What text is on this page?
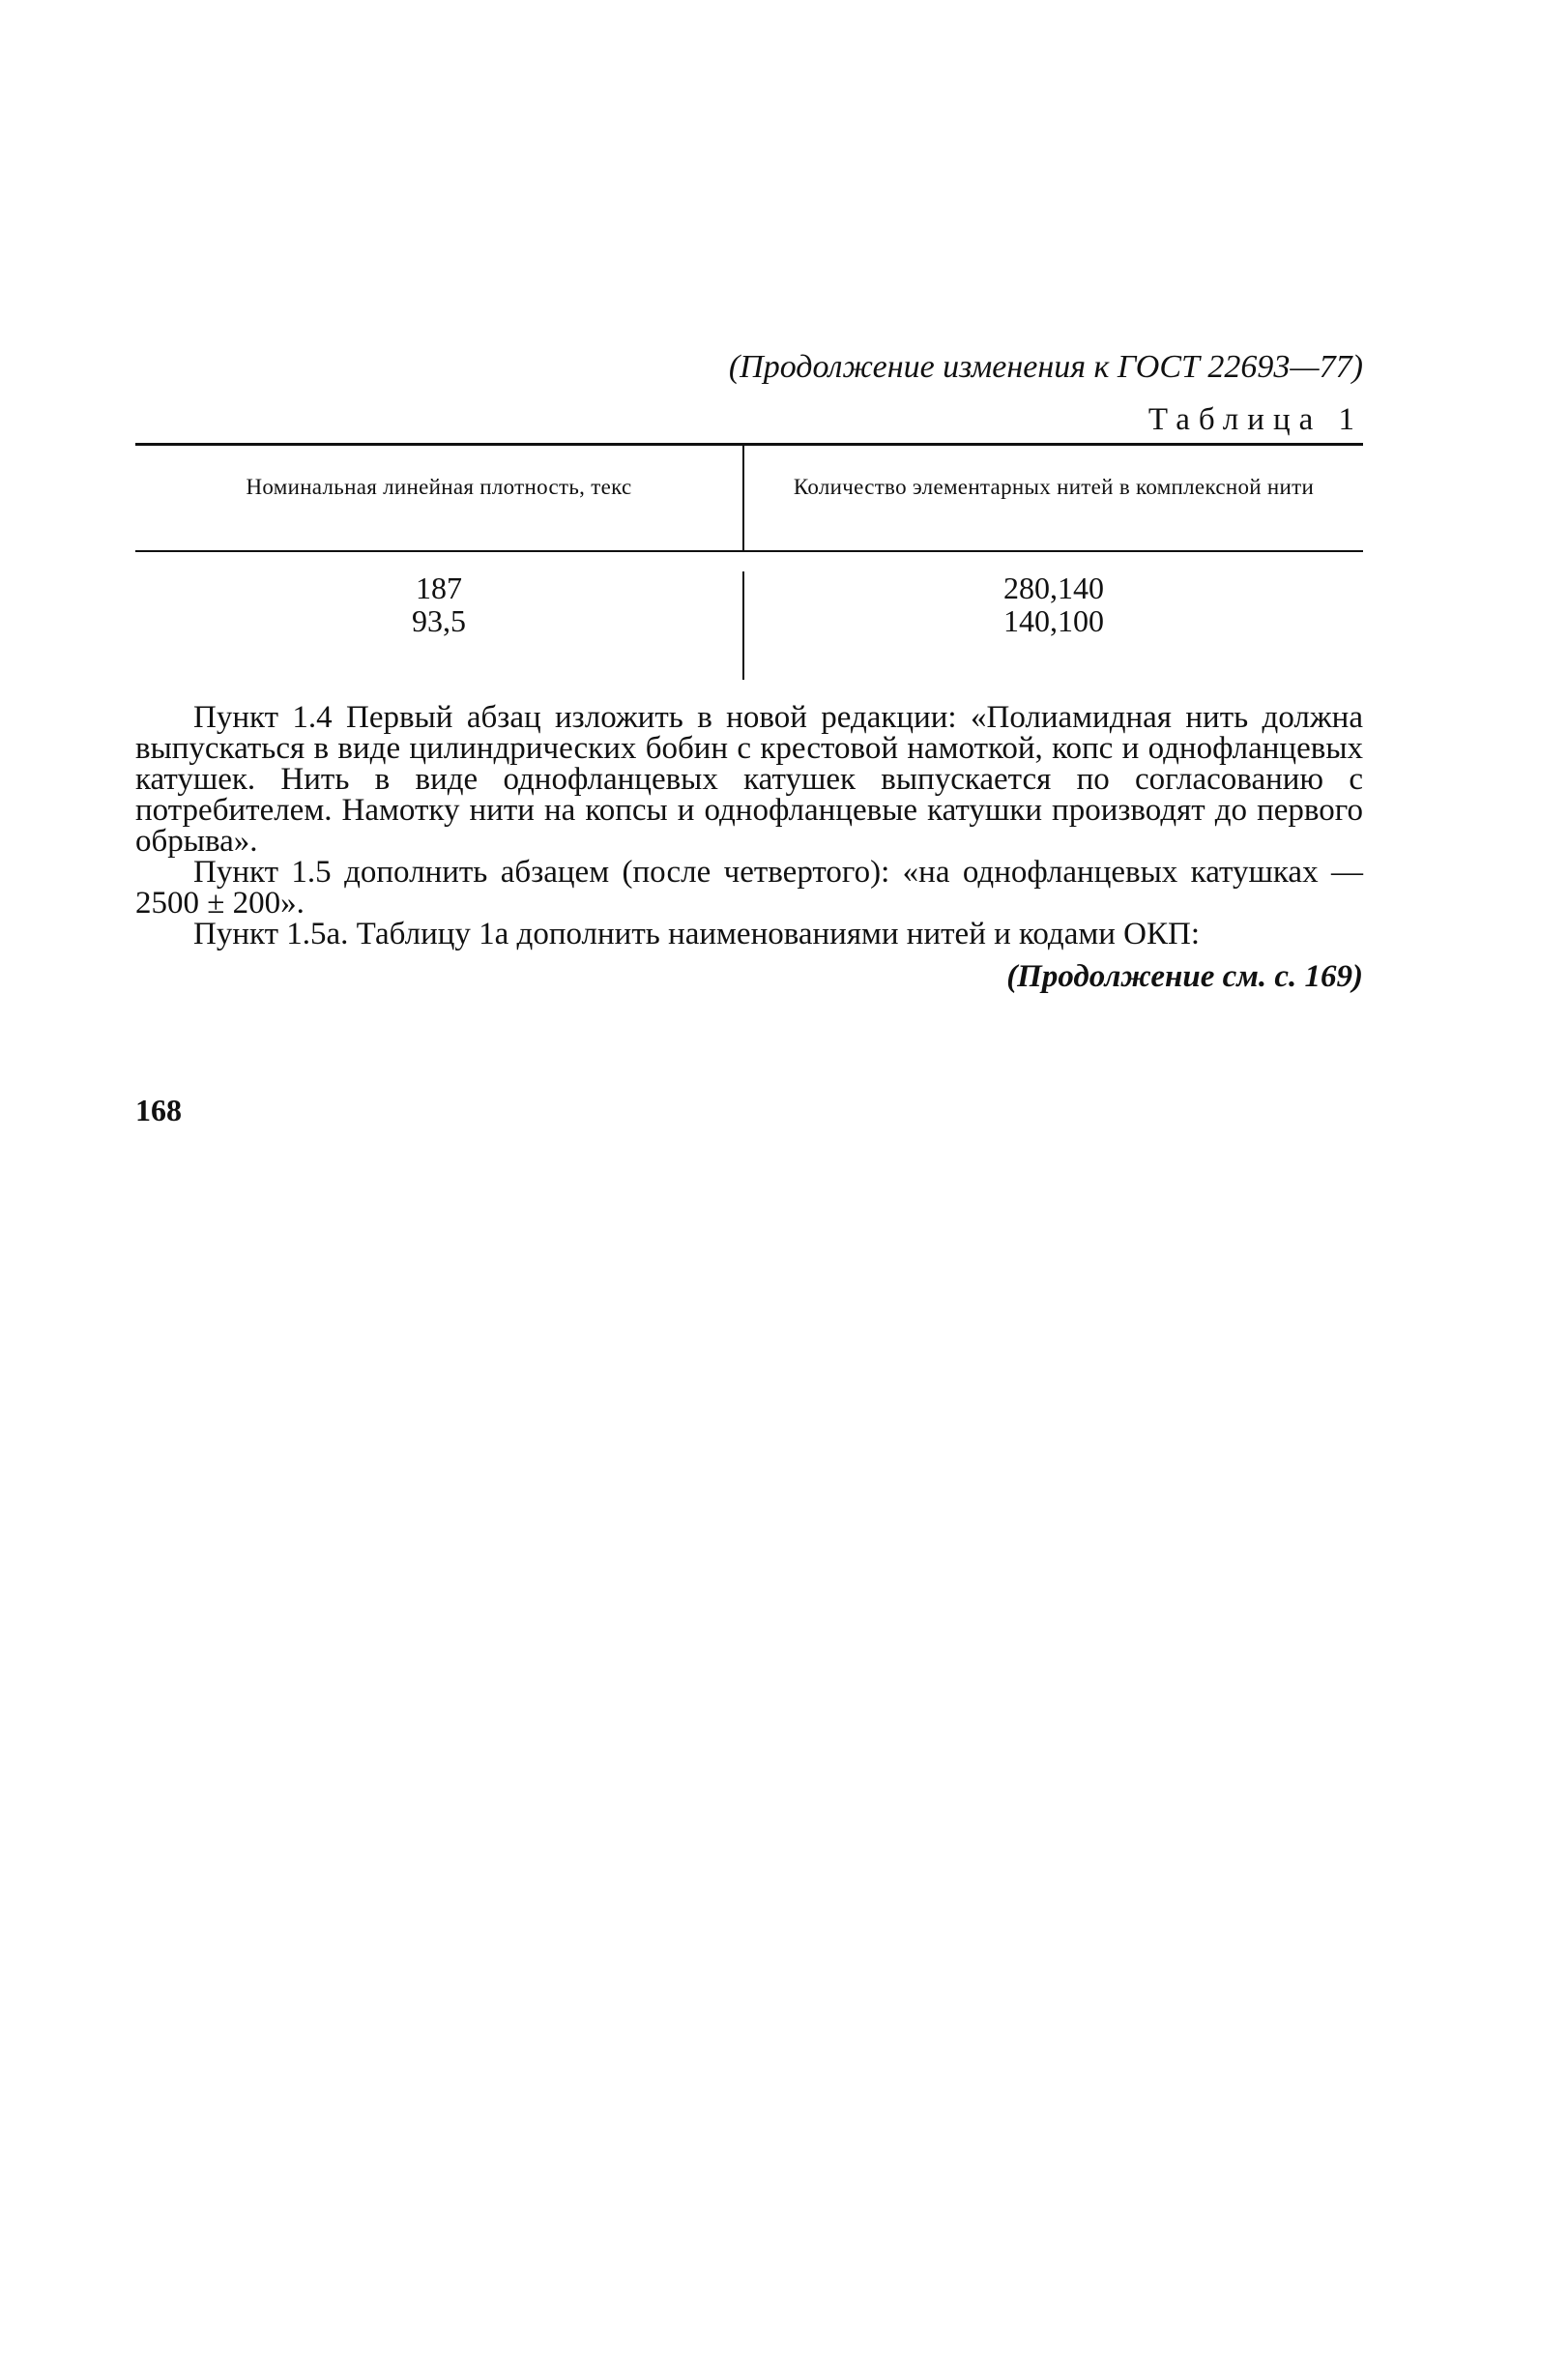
(Продолжение изменения к ГОСТ 22693—77)
Таблица 1
Номинальная линейная плотность, текс	Количество элементарных нитей в комплексной нити
187
93,5
280,140
140,100

Пункт 1.4 Первый абзац изложить в новой редакции: «Полиамидная нить должна выпускаться в виде цилиндрических бобин с крестовой намоткой, копс и однофланцевых катушек. Нить в виде однофланцевых катушек выпускается по согласованию с потребителем. Намотку нити на копсы и однофланцевые катушки производят до первого обрыва».

Пункт 1.5 дополнить абзацем (после четвертого): «на однофланцевых катушках — 2500 ± 200».

Пункт 1.5а. Таблицу 1а дополнить наименованиями нитей и кодами ОКП:

(Продолжение см. с. 169)

168
